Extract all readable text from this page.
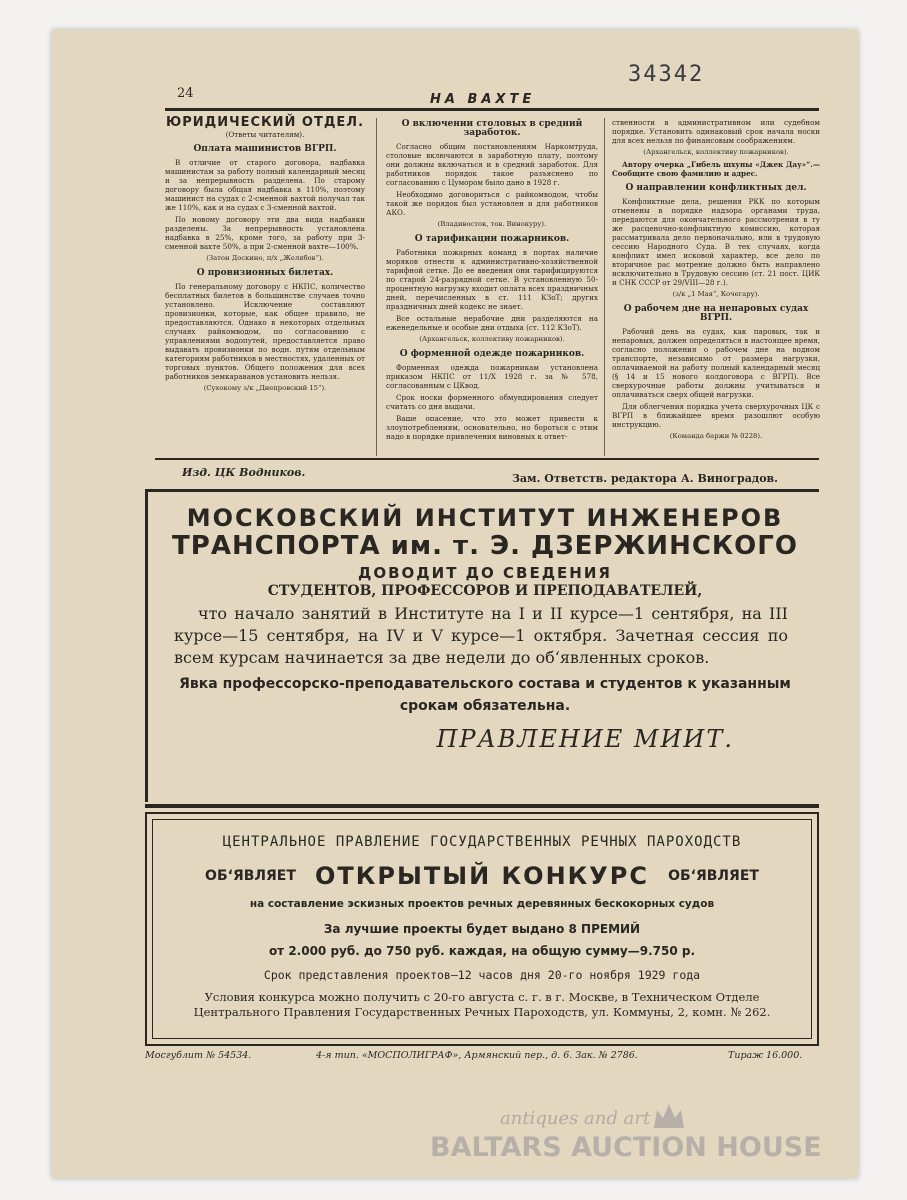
34342
24	НА ВАХТЕ
ЮРИДИЧЕСКИЙ ОТДЕЛ.
(Ответы читателям).
Оплата машинистов ВГРП.

В отличие от старого договора, надбавка машинистам за работу полный календарный месяц и за непрерывность разделена. По старому договору была общая надбавка в 110%, поэтому машинист на судах с 2-сменной вахтой получал так же 110%, как и на судах с 3-сменной вахтой.

По новому договору эти два вида надбавки разделены. За непрерывность установлена надбавка в 25%, кроме того, за работу при 3-сменной вахте 50%, а при 2-сменной вахте—100%.

(Затон Доскино, п/х „Желябов“).
О провизионных билетах.

По генеральному договору с НКПС, количество бесплатных билетов в большинстве случаев точно установлено. Исключение составляют провизионки, которые, как общее правило, не предоставляются. Однако в некоторых отдельных случаях райкомводом, по согласованию с управлениями водопутей, предоставляется право выдавать провизионки по водн. путям отдельным категориям работников в местностях, удаленных от торговых пунктов. Общего положения для всех работников земкараванов установить нельзя.

(Сухокому з/к „Днепровский 15“).
О включении столовых в средний заработок.

Согласно общим постановлениям Наркомтруда, столовые включаются в заработную плату, поэтому они должны включаться и в средний заработок. Для работников порядок такое разъяснено по согласованию с Цумором было дано в 1928 г.

Необходимо договориться с райкомводом, чтобы такой же порядок был установлен и для работников АКО.

(Владивосток, тов. Винокуру).
О тарификации пожарников.

Работники пожарных команд в портах наличие моряков отнести к административно-хозяйственной тарифной сетке. До ее введения они тарифицируются по старой 24-разрядной сетке. В установленную 50-процентную нагрузку входит оплата всех праздничных дней, перечисленных в ст. 111 КЗоТ; других праздничных дней кодекс не знает.

Все остальные нерабочие дни разделяются на еженедельные и особые дни отдыха (ст. 112 КЗоТ).

(Архангельск, коллективу пожарников).
О форменной одежде пожарников.

Форменная одежда пожарникам установлена приказом НКПС от 11/Х 1928 г. за № 578, согласованным с ЦКвод.

Срок носки форменного обмундирования следует считать со дня выдачи.

Ваше опасение, что это может привести к злоупотреблениям, основательно, но бороться с этим надо в порядке привлечения виновных к ответ-

ственности в административном или судебном порядке. Установить одинаковый срок начала носки для всех нельзя по финансовым соображениям.

(Архангельск, коллективу пожарников).

Автору очерка „Гибель шхуны «Джек Дау»“.— Сообщите свою фамилию и адрес.

О направлении конфликтных дел.

Конфликтные дела, решения РКК по которым отменены в порядке надзора органами труда, передаются для окончательного рассмотрения в ту же расценочно-конфликтную комиссию, которая рассматривала дело первоначально, или в трудовую сессию Народного Суда. В тех случаях, когда конфликт имел исковой характер, все дело по вторичное рас мотрение должно быть направлено исключительно в Трудовую сессию (ст. 21 пост. ЦИК и СНК СССР от 29/VIII—28 г.).

(з/к „1 Мая“, Кочегару).
О рабочем дне на непаровых судах ВГРП.

Рабочий день на судах, как паровых, так и непаровых, должен определяться в настоящее время, согласно положения о рабочем дне на водном транспорте, независимо от размера нагрузки, оплачиваемой на работу полный календарный месяц (§ 14 и 15 нового колдоговора с ВГРП). Все сверхурочные работы должны учитываться и оплачиваться сверх общей нагрузки.

Для облегчения порядка учета сверхурочных ЦК с ВГРП в ближайшее время разошлют особую инструкцию.

(Команда баржи № 0228).
Изд. ЦК Водников.	Зам. Ответств. редактора А. Виноградов.
МОСКОВСКИЙ ИНСТИТУТ ИНЖЕНЕРОВ
ТРАНСПОРТА им. т. Э. ДЗЕРЖИНСКОГО
ДОВОДИТ ДО СВЕДЕНИЯ
СТУДЕНТОВ, ПРОФЕССОРОВ И ПРЕПОДАВАТЕЛЕЙ,
что начало занятий в Институте на I и II курсе—1 сентября, на III курсе—15 сентября, на IV и V курсе—1 октября. Зачетная сессия по всем курсам начинается за две недели до об‘явленных сроков.
Явка профессорско-преподавательского состава и студентов к указанным срокам обязательна.
ПРАВЛЕНИЕ МИИТ.
ЦЕНТРАЛЬНОЕ ПРАВЛЕНИЕ ГОСУДАРСТВЕННЫХ РЕЧНЫХ ПАРОХОДСТВ
ОБ‘ЯВЛЯЕТ ОТКРЫТЫЙ КОНКУРС ОБ‘ЯВЛЯЕТ
на составление эскизных проектов речных деревянных бескокорных судов
За лучшие проекты будет выдано 8 ПРЕМИЙ
от 2.000 руб. до 750 руб. каждая, на общую сумму—9.750 р.
Срок представления проектов—12 часов дня 20-го ноября 1929 года
Условия конкурса можно получить с 20-го августа с. г. в г. Москве, в Техническом Отделе Центрального Правления Государственных Речных Пароходств, ул. Коммуны, 2, комн. № 262.
Мосгублит № 54534.	4-я тип. «МОСПОЛИГРАФ», Армянский пер., д. 6. Зак. № 2786.	Тираж 16.000.
antiques and art
BALTARS AUCTION HOUSE
